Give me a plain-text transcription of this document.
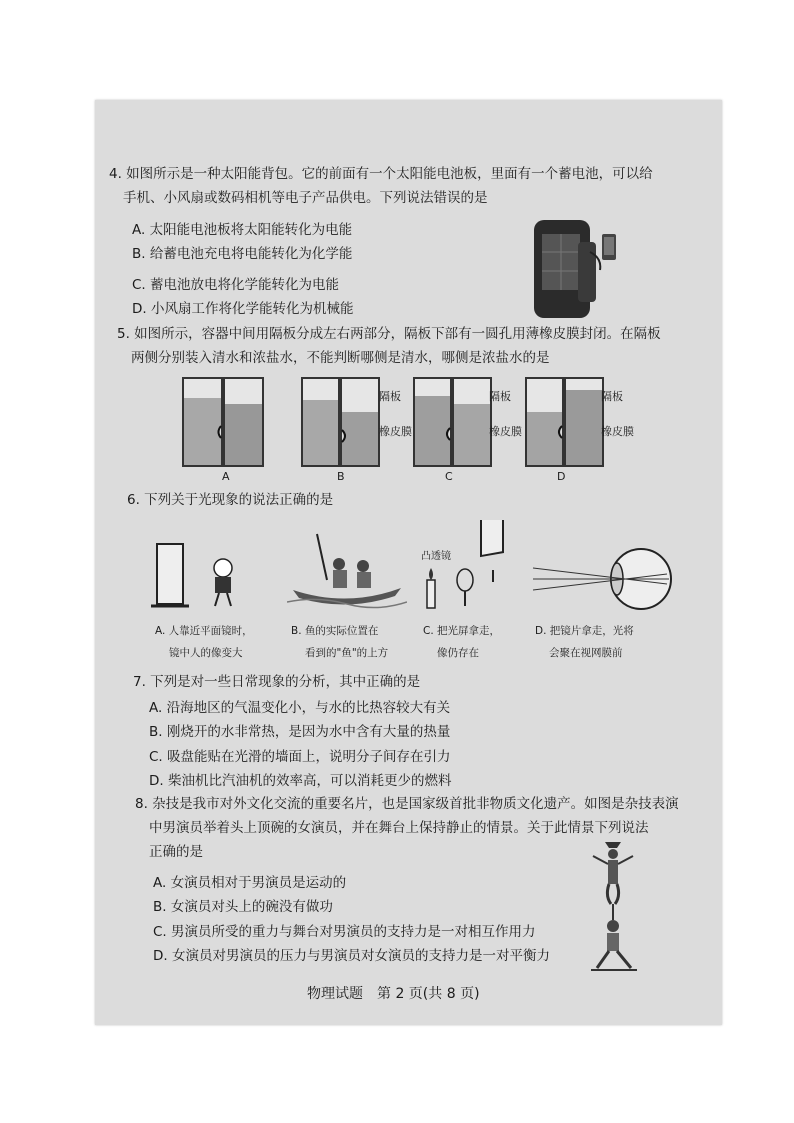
4. 如图所示是一种太阳能背包。它的前面有一个太阳能电池板，里面有一个蓄电池，可以给
手机、小风扇或数码相机等电子产品供电。下列说法错误的是
A. 太阳能电池板将太阳能转化为电能
B. 给蓄电池充电将电能转化为化学能
C. 蓄电池放电将化学能转化为电能
D. 小风扇工作将化学能转化为机械能
5. 如图所示，容器中间用隔板分成左右两部分，隔板下部有一圆孔用薄橡皮膜封闭。在隔板
两侧分别装入清水和浓盐水，不能判断哪侧是清水，哪侧是浓盐水的是
A	B
隔板
橡皮膜
C
隔板
橡皮膜
D
隔板
橡皮膜
6. 下列关于光现象的说法正确的是
凸透镜
A. 人靠近平面镜时，
镜中人的像变大
B. 鱼的实际位置在
看到的"鱼"的上方
C. 把光屏拿走，
像仍存在
D. 把镜片拿走，光将
会聚在视网膜前
7. 下列是对一些日常现象的分析，其中正确的是
A. 沿海地区的气温变化小，与水的比热容较大有关
B. 刚烧开的水非常热，是因为水中含有大量的热量
C. 吸盘能贴在光滑的墙面上，说明分子间存在引力
D. 柴油机比汽油机的效率高，可以消耗更少的燃料
8. 杂技是我市对外文化交流的重要名片，也是国家级首批非物质文化遗产。如图是杂技表演
中男演员举着头上顶碗的女演员，并在舞台上保持静止的情景。关于此情景下列说法
正确的是
A. 女演员相对于男演员是运动的
B. 女演员对头上的碗没有做功
C. 男演员所受的重力与舞台对男演员的支持力是一对相互作用力
D. 女演员对男演员的压力与男演员对女演员的支持力是一对平衡力
物理试题　第 2 页(共 8 页)
